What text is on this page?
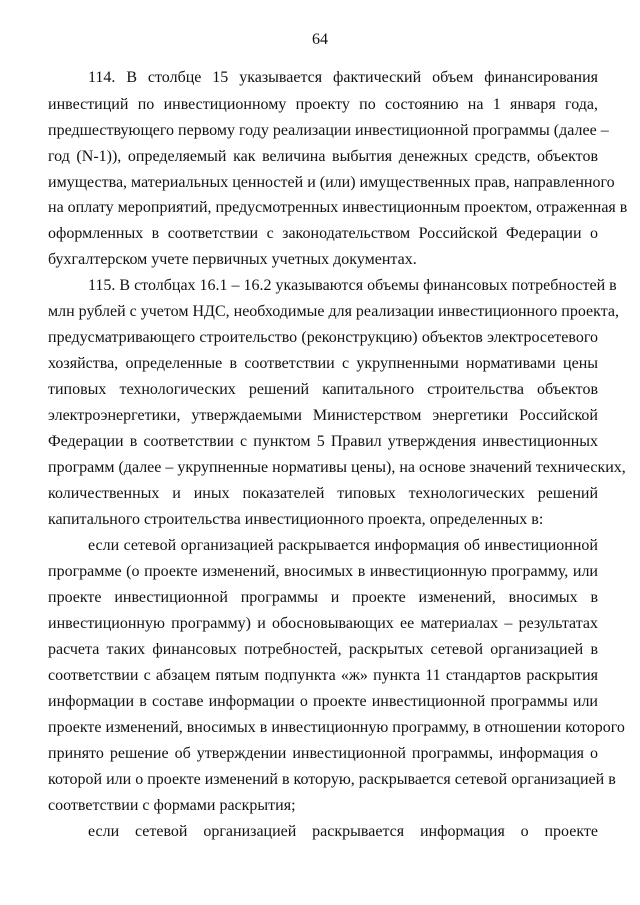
64
114. В столбце 15 указывается фактический объем финансирования
инвестиций по инвестиционному проекту по состоянию на 1 января года,
предшествующего первому году реализации инвестиционной программы (далее –
год (N-1)), определяемый как величина выбытия денежных средств, объектов
имущества, материальных ценностей и (или) имущественных прав, направленного
на оплату мероприятий, предусмотренных инвестиционным проектом, отраженная в
оформленных в соответствии с законодательством Российской Федерации о
бухгалтерском учете первичных учетных документах.
115. В столбцах 16.1 – 16.2 указываются объемы финансовых потребностей в
млн рублей с учетом НДС, необходимые для реализации инвестиционного проекта,
предусматривающего строительство (реконструкцию) объектов электросетевого
хозяйства, определенные в соответствии с укрупненными нормативами цены
типовых технологических решений капитального строительства объектов
электроэнергетики, утверждаемыми Министерством энергетики Российской
Федерации в соответствии с пунктом 5 Правил утверждения инвестиционных
программ (далее – укрупненные нормативы цены), на основе значений технических,
количественных и иных показателей типовых технологических решений
капитального строительства инвестиционного проекта, определенных в:
если сетевой организацией раскрывается информация об инвестиционной
программе (о проекте изменений, вносимых в инвестиционную программу, или
проекте инвестиционной программы и проекте изменений, вносимых в
инвестиционную программу) и обосновывающих ее материалах – результатах
расчета таких финансовых потребностей, раскрытых сетевой организацией в
соответствии с абзацем пятым подпункта «ж» пункта 11 стандартов раскрытия
информации в составе информации о проекте инвестиционной программы или
проекте изменений, вносимых в инвестиционную программу, в отношении которого
принято решение об утверждении инвестиционной программы, информация о
которой или о проекте изменений в которую, раскрывается сетевой организацией в
соответствии с формами раскрытия;
если сетевой организацией раскрывается информация о проекте
